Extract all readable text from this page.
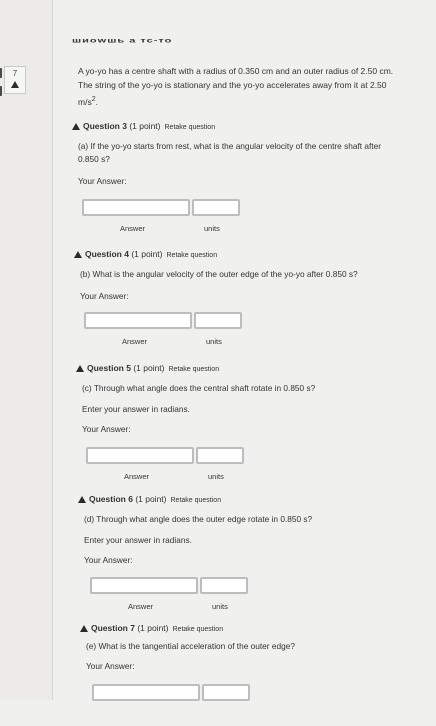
7
шиоwшь а тс-то
A yo-yo has a centre shaft with a radius of 0.350 cm and an outer radius of 2.50 cm. The string of the yo-yo is stationary and the yo-yo accelerates away from it at 2.50 $m/s^2$.
Question 3 (1 point) Retake question
(a) If the yo-yo starts from rest, what is the angular velocity of the centre shaft after 0.850 s?
Your Answer:
Answer	units
Question 4 (1 point) Retake question
(b) What is the angular velocity of the outer edge of the yo-yo after 0.850 s?
Your Answer:
Answer	units
Question 5 (1 point) Retake question
(c) Through what angle does the central shaft rotate in 0.850 s?
Enter your answer in radians.
Your Answer:
Answer	units
Question 6 (1 point) Retake question
(d) Through what angle does the outer edge rotate in 0.850 s?
Enter your answer in radians.
Your Answer:
Answer	units
Question 7 (1 point) Retake question
(e) What is the tangential acceleration of the outer edge?
Your Answer:
